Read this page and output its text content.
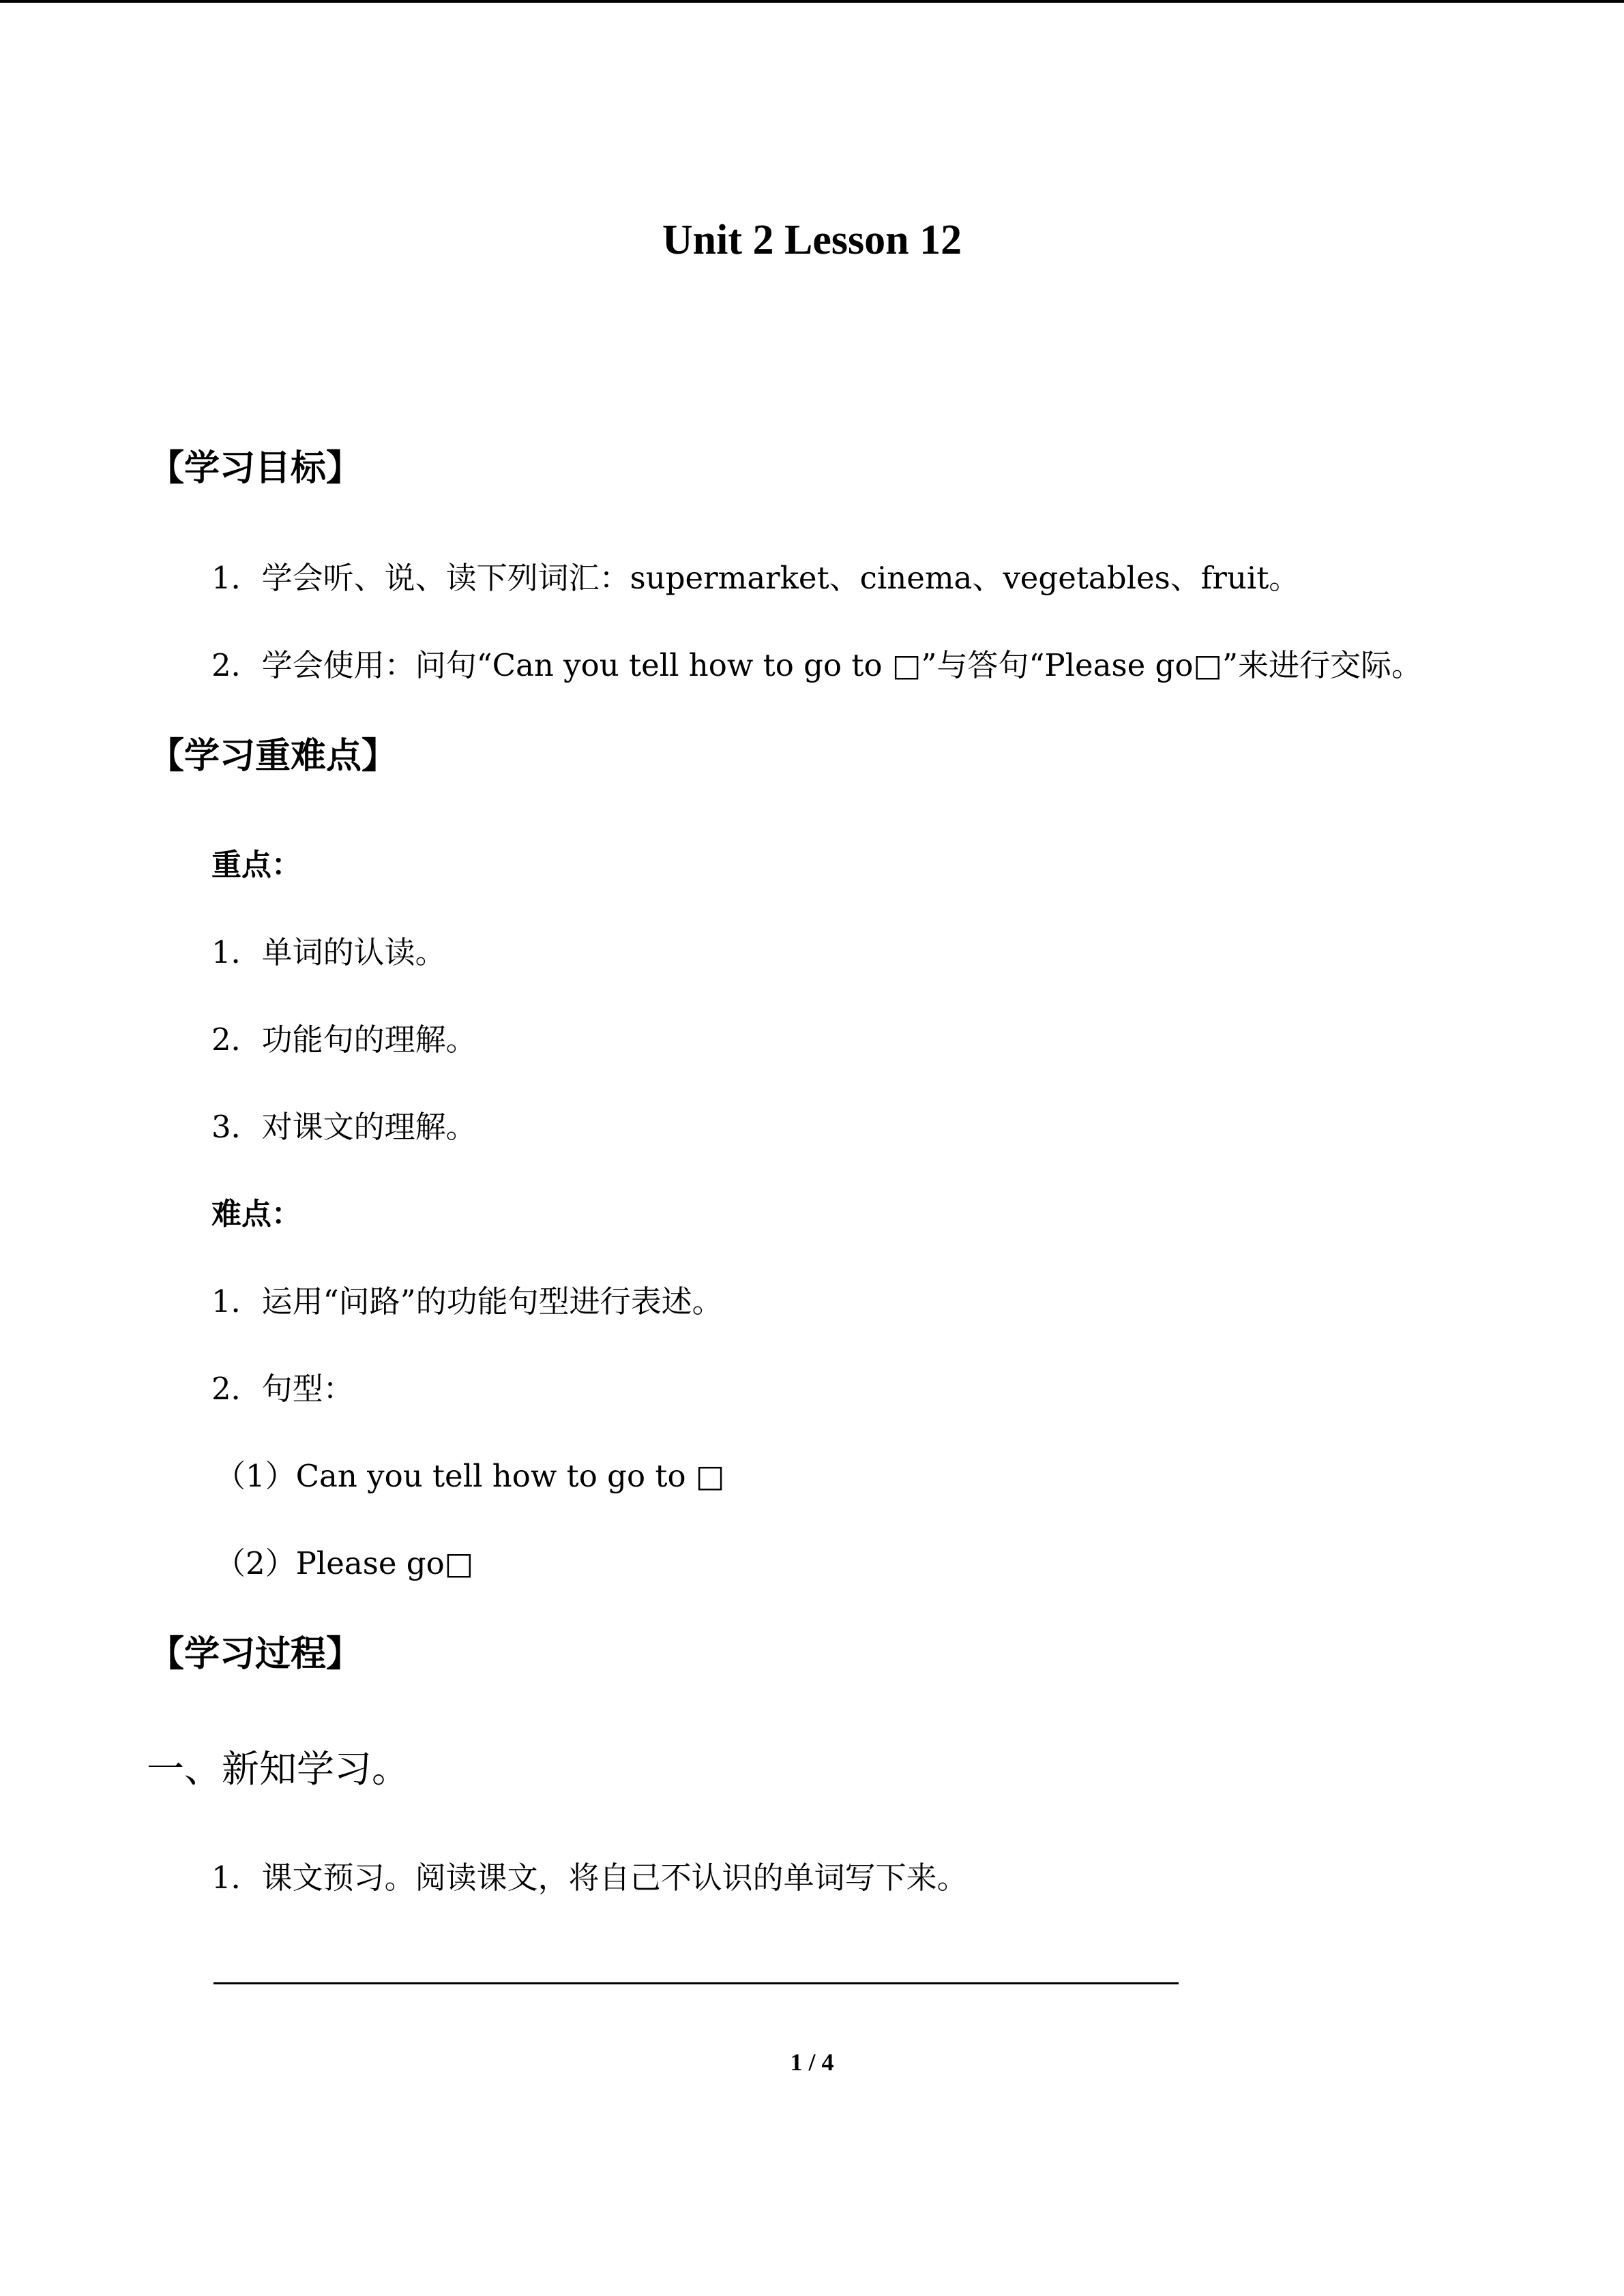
Unit 2 Lesson 12
【学习目标】
1．学会听、说、读下列词汇：supermarket、cinema、vegetables、fruit。
2．学会使用：问句“Can you tell how to go to □”与答句“Please go□”来进行交际。
【学习重难点】
重点：
1．单词的认读。
2．功能句的理解。
3．对课文的理解。
难点：
1．运用“问路”的功能句型进行表述。
2．句型：
（1）Can you tell how to go to □
（2）Please go□
【学习过程】
一、新知学习。
1．课文预习。阅读课文，将自己不认识的单词写下来。
1 / 4
